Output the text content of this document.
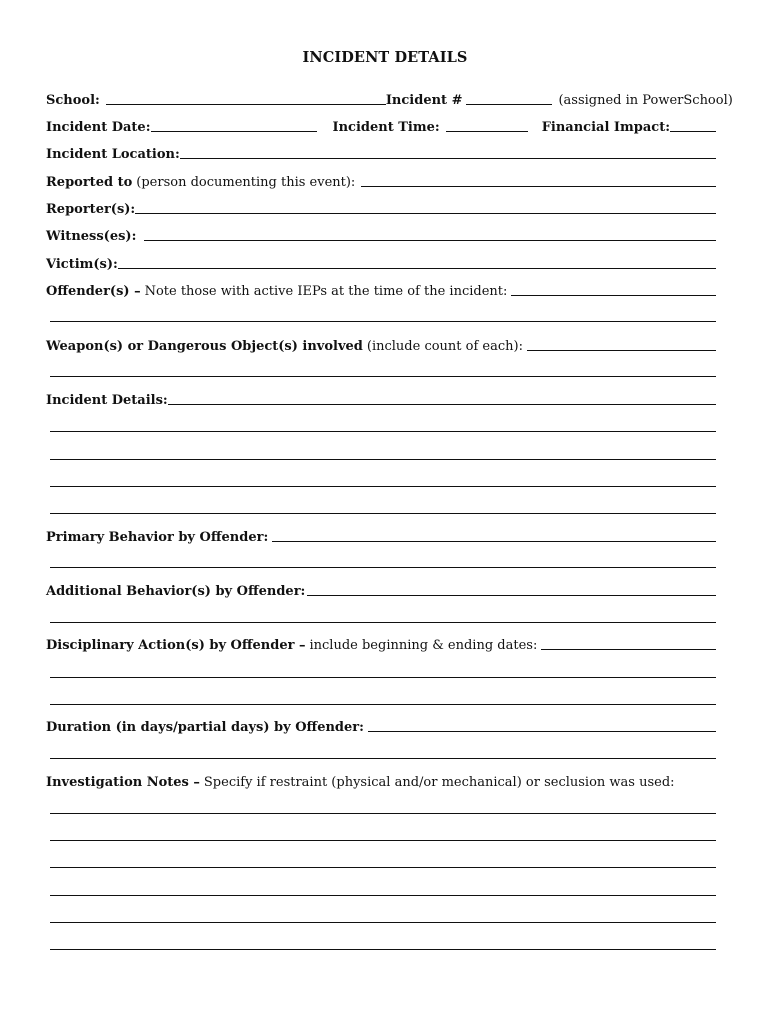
INCIDENT DETAILS
School:	Incident #	(assigned in PowerSchool)
Incident Date:	Incident Time:	Financial Impact:
Incident Location:
Reported to (person documenting this event):
Reporter(s):
Witness(es):
Victim(s):
Offender(s) – Note those with active IEPs at the time of the incident:
Weapon(s) or Dangerous Object(s) involved (include count of each):
Incident Details:
Primary Behavior by Offender:
Additional Behavior(s) by Offender:
Disciplinary Action(s) by Offender – include beginning & ending dates:
Duration (in days/partial days) by Offender:
Investigation Notes – Specify if restraint (physical and/or mechanical) or seclusion was used:
